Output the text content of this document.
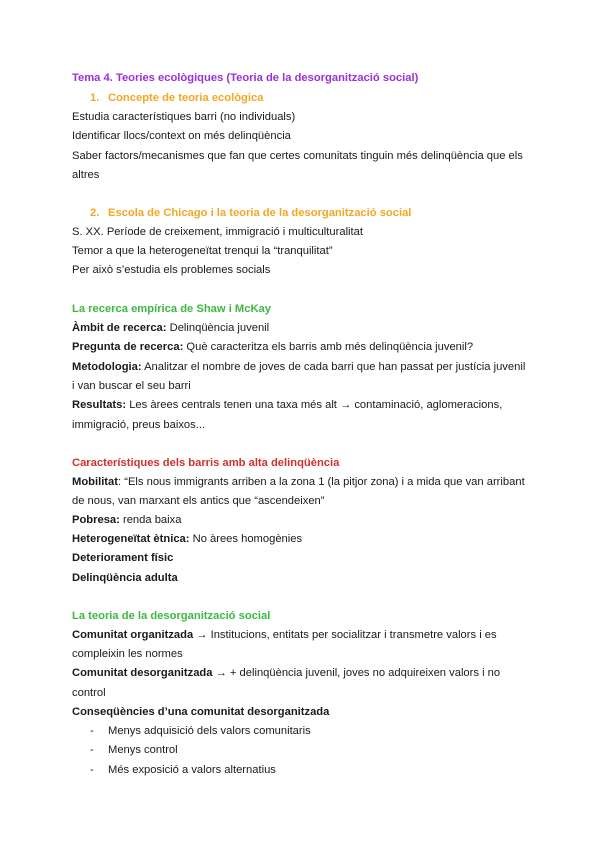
Tema 4. Teories ecològiques (Teoria de la desorganització social)
1. Concepte de teoria ecològica
Estudia característiques barri (no individuals)
Identificar llocs/context on més delinqüència
Saber factors/mecanismes que fan que certes comunitats tinguin més delinqüència que els
altres
2. Escola de Chicago i la teoria de la desorganització social
S. XX. Període de creixement, immigració i multiculturalitat
Temor a que la heterogeneïtat trenqui la “tranquilitat”
Per això s’estudia els problemes socials
La recerca empírica de Shaw i McKay
Àmbit de recerca: Delinqüència juvenil
Pregunta de recerca: Què caracteritza els barris amb més delinqüència juvenil?
Metodologia: Analitzar el nombre de joves de cada barri que han passat per justícia juvenil
i van buscar el seu barri
Resultats: Les àrees centrals tenen una taxa més alt → contaminació, aglomeracions,
immigració, preus baixos...
Característiques dels barris amb alta delinqüència
Mobilitat: “Els nous immigrants arriben a la zona 1 (la pitjor zona) i a mida que van arribant
de nous, van marxant els antics que “ascendeixen”
Pobresa: renda baixa
Heterogeneïtat ètnica: No àrees homogènies
Deteriorament físic
Delinqüència adulta
La teoria de la desorganització social
Comunitat organitzada → Institucions, entitats per socialitzar i transmetre valors i es
compleixin les normes
Comunitat desorganitzada → + delinqüència juvenil, joves no adquireixen valors i no
control
Conseqüències d’una comunitat desorganitzada
- Menys adquisició dels valors comunitaris
- Menys control
- Més exposició a valors alternatius
